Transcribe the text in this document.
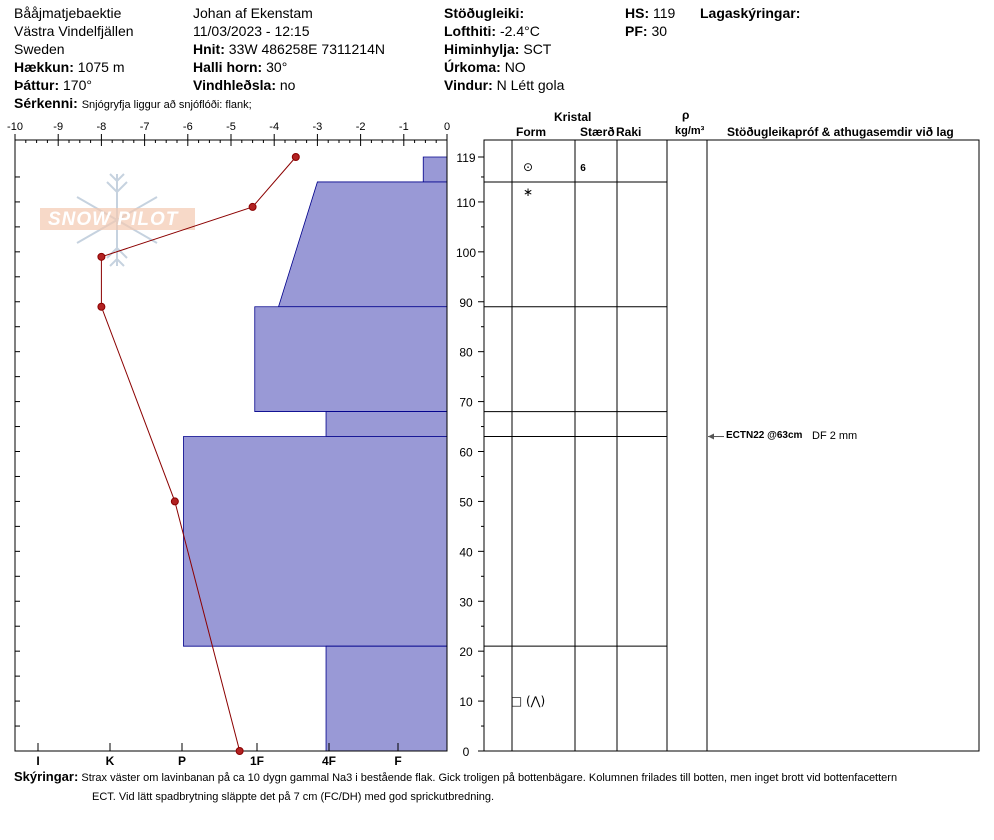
Bååjmatjebaektie
Västra Vindelfjällen
Sweden
Hækkun: 1075 m
Þáttur: 170°
Sérkenni: Snjógryfja liggur að snjóflóði: flank;
Johan af Ekenstam
11/03/2023 - 12:15
Hnit: 33W 486258E 7311214N
Halli horn: 30°
Vindhleðsla: no
Stöðugleiki:
Lofthiti: -2.4°C
Himinhylja: SCT
Úrkoma: NO
Vindur: N Létt gola
HS: 119
PF: 30
Lagaskýringar:
Kristal
Form	Stærð Raki
ρ
kg/m³ Stöðugleikapróf & athugasemdir við lag
SNOW PILOT
-10	-9	-8	-7	-6	-5	-4	-3	-2	-1	0
I	K	P	1F	4F	F
119
110
100
90
80
70
60
50
40
30
20
10
0
⊙	6
∗
□ (⋀)
ECTN22 @63cm DF 2 mm
Skýringar: Strax väster om lavinbanan på ca 10 dygn gammal Na3 i bestående flak. Gick troligen på bottenbägare. Kolumnen frilades till botten, men inget brott vid bottenfacettern
ECT. Vid lätt spadbrytning släppte det på 7 cm (FC/DH) med god sprickutbredning.
